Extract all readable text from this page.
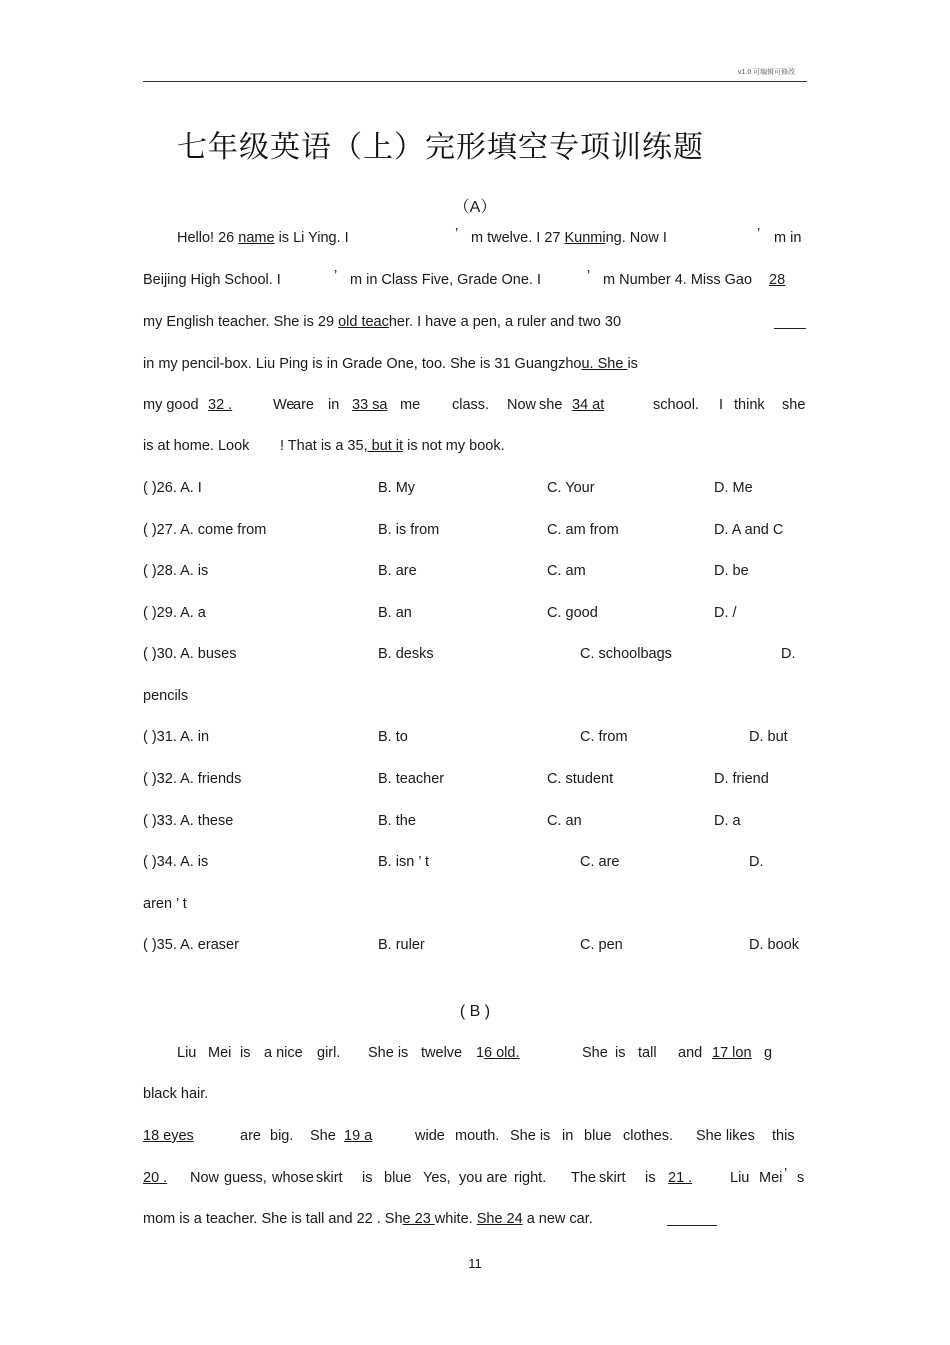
v1.0 可编辑可修改
七年级英语（上）完形填空专项训练题
（A）
Hello! 26 name is Li Ying. I	’ m twelve. I 27 Kunming. Now I	’ m in
Beijing High School. I	’ m in Class Five, Grade One. I	’ m Number 4. Miss Gao 28
my English teacher. She is 29 old teacher. I have a pen, a ruler and two 30
in my pencil-box. Liu Ping is in Grade One, too. She is 31 Guangzhou. She is
my good 32 .	We
are in 33 sa me class. Now she 34 at	school. I think she
is at home. Look ! That is a 35, but it is not my book.
( )26. A. I	B. My	C. Your	D. Me
( )27. A. come from	B. is from	C. am from	D. A and C
( )28. A. is	B. are	C. am	D. be
( )29. A. a	B. an	C. good	D. /
( )30. A. buses	B. desks	C. schoolbags	D.
pencils
( )31. A. in	B. to	C. from	D. but
( )32. A. friends	B. teacher	C. student	D. friend
( )33. A. these	B. the	C. an	D. a
( )34. A. is	B. isn ’ t	C. are	D.
aren ’ t
( )35. A. eraser	B. ruler	C. pen	D. book
( B )
Liu Mei is a nice girl. She is twelve 1 6 old.	She is tall and 17 lon g
black hair.
18 eyes	are big. She 19 a	wide mouth. She is in blue clothes. She likes this
20 .	Now guess, whose skirt is blue Yes, you are right. The skirt is 21 .	Liu Mei ’ s
mom is a teacher. She is tall and 22 . She 23 white. She 24 a new car.
11
